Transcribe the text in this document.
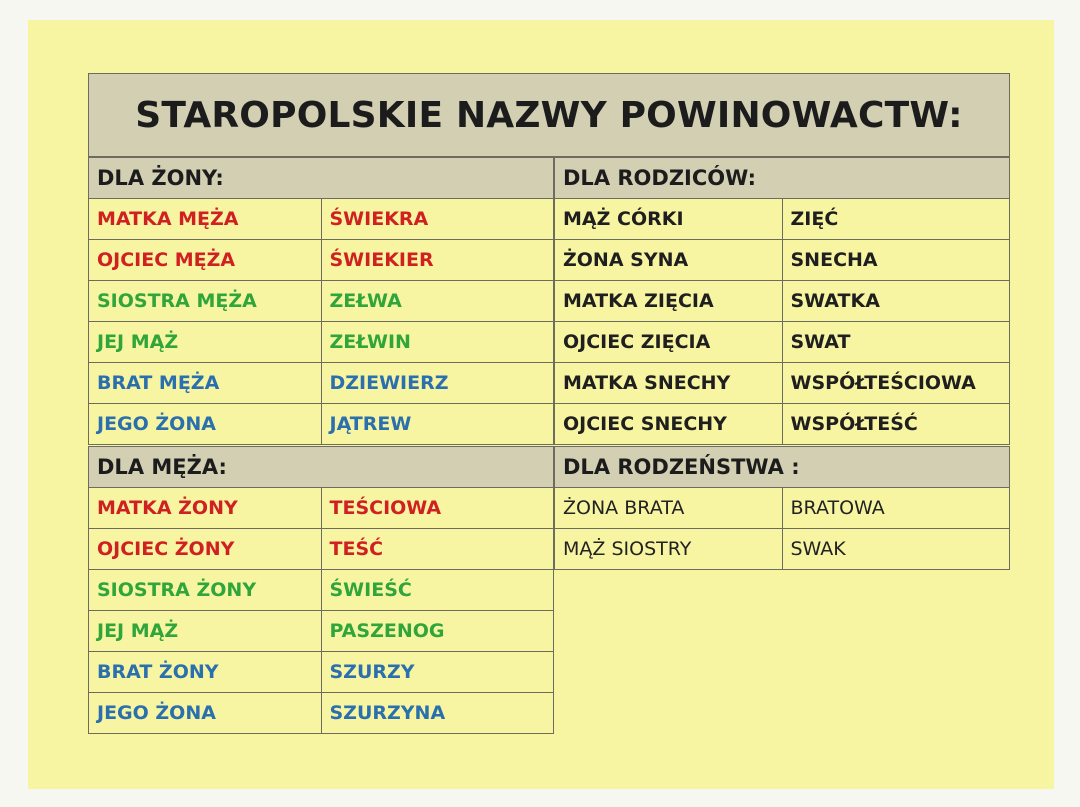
STAROPOLSKIE NAZWY POWINOWACTW:
DLA ŻONY:	
MATKA MĘŻA	ŚWIEKRA
OJCIEC MĘŻA	ŚWIEKIER
SIOSTRA MĘŻA	ZEŁWA
JEJ MĄŻ	ZEŁWIN
BRAT MĘŻA	DZIEWIERZ
JEGO ŻONA	JĄTREW
DLA MĘŻA:	
MATKA ŻONY	TEŚCIOWA
OJCIEC ŻONY	TEŚĆ
SIOSTRA ŻONY	ŚWIEŚĆ
JEJ MĄŻ	PASZENOG
BRAT ŻONY	SZURZY
JEGO ŻONA	SZURZYNA
DLA RODZICÓW:	
MĄŻ CÓRKI	ZIĘĆ
ŻONA SYNA	SNECHA
MATKA ZIĘCIA	SWATKA
OJCIEC ZIĘCIA	SWAT
MATKA SNECHY	WSPÓŁTEŚCIOWA
OJCIEC SNECHY	WSPÓŁTEŚĆ
DLA RODZEŃSTWA :	
ŻONA BRATA	BRATOWA
MĄŻ SIOSTRY	SWAK
